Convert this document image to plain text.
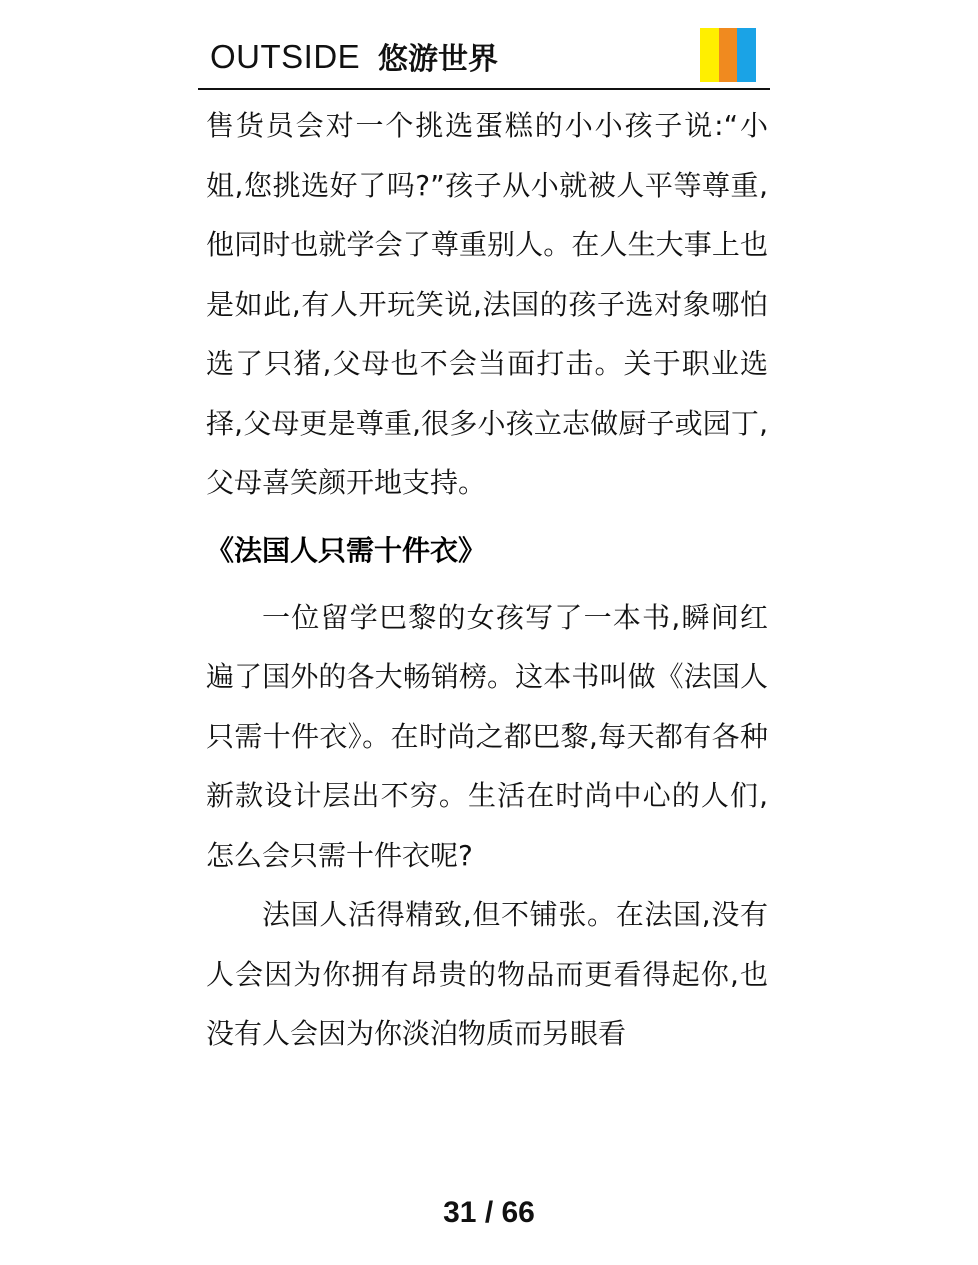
OUTSIDE 悠游世界

售货员会对一个挑选蛋糕的小小孩子说:“小姐,您挑选好了吗?”孩子从小就被人平等尊重,他同时也就学会了尊重别人。在人生大事上也是如此,有人开玩笑说,法国的孩子选对象哪怕选了只猪,父母也不会当面打击。关于职业选择,父母更是尊重,很多小孩立志做厨子或园丁,父母喜笑颜开地支持。

《法国人只需十件衣》

一位留学巴黎的女孩写了一本书,瞬间红遍了国外的各大畅销榜。这本书叫做《法国人只需十件衣》。在时尚之都巴黎,每天都有各种新款设计层出不穷。生活在时尚中心的人们,怎么会只需十件衣呢?

法国人活得精致,但不铺张。在法国,没有人会因为你拥有昂贵的物品而更看得起你,也没有人会因为你淡泊物质而另眼看

31 / 66
